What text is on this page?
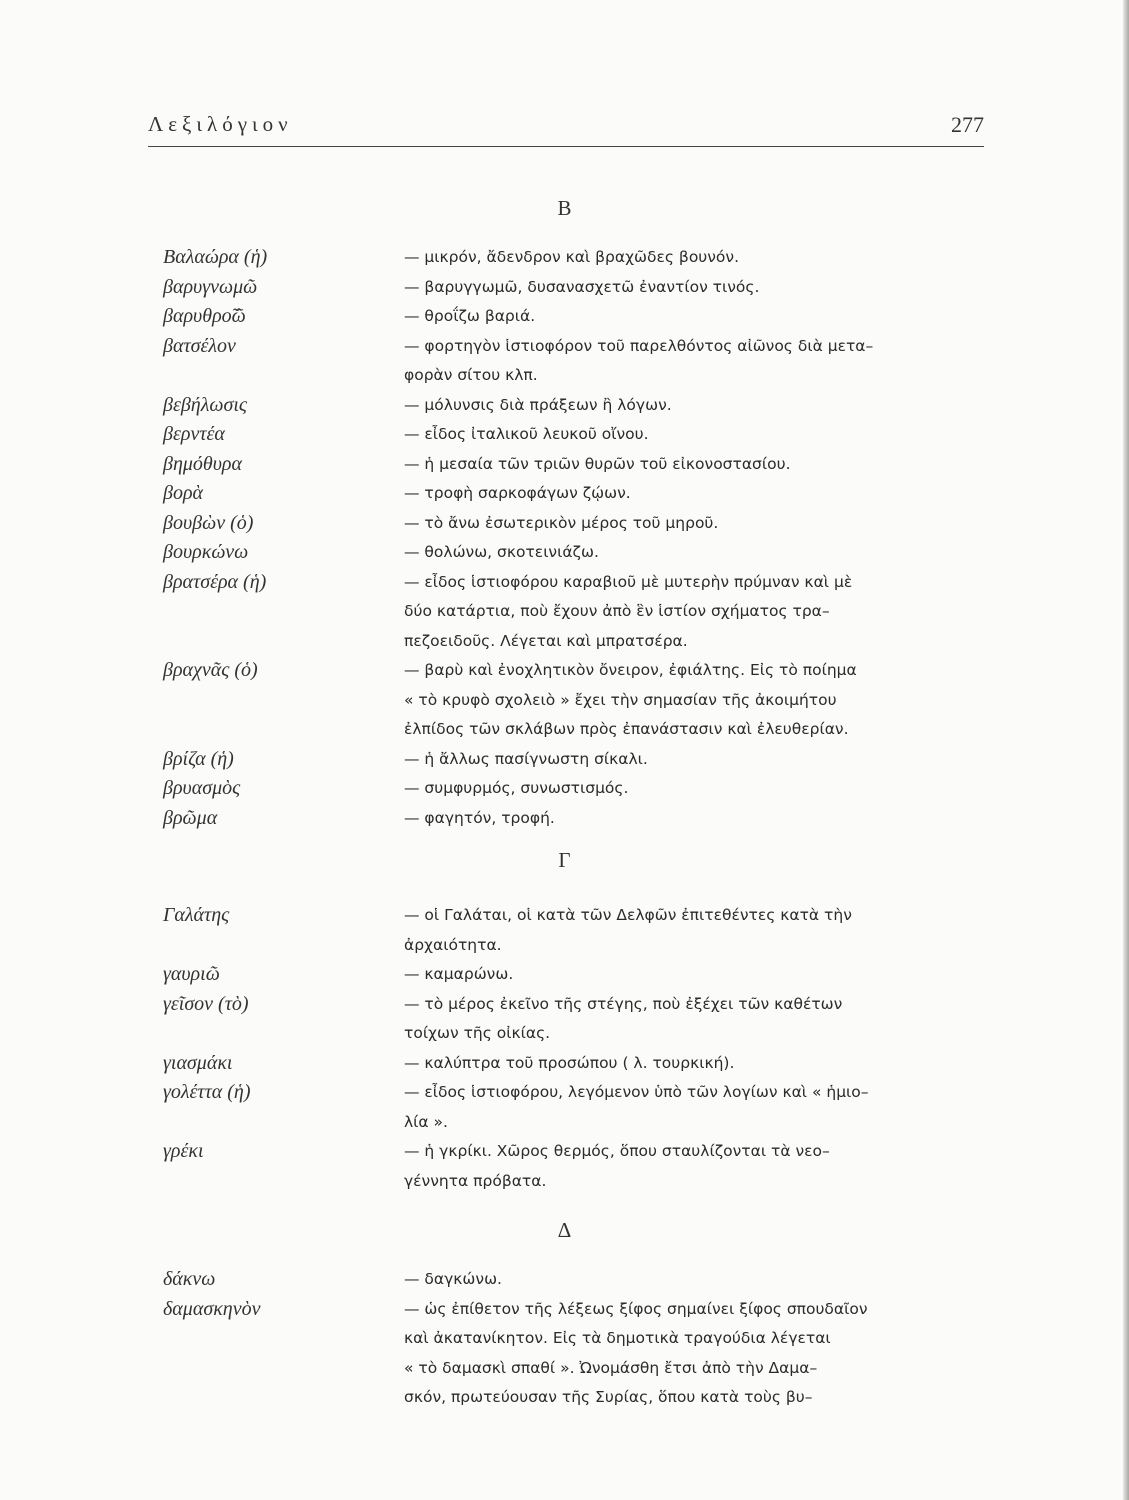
Λεξιλόγιον	277
Β
Βαλαώρα (ἡ)	— μικρόν, ἄδενδρον καὶ βραχῶδες βουνόν.
βαρυγνωμῶ	— βαρυγγωμῶ, δυσανασχετῶ ἐναντίον τινός.
βαρυθρο̃ῶ	— θροΐζω βαριά.
βατσέλον	— φορτηγὸν ἱστιοφόρον τοῦ παρελθόντος αἰῶνος διὰ μετα–
φορὰν σίτου κλπ.
βεβήλωσις	— μόλυνσις διὰ πράξεων ἢ λόγων.
βερντέα	— εἶδος ἰταλικοῦ λευκοῦ οἴνου.
βημόθυρα	— ἡ μεσαία τῶν τριῶν θυρῶν τοῦ εἰκονοστασίου.
βορὰ	— τροφὴ σαρκοφάγων ζῴων.
βουβὼν (ὁ)	— τὸ ἄνω ἐσωτερικὸν μέρος τοῦ μηροῦ.
βουρκώνω	— θολώνω, σκοτεινιάζω.
βρατσέρα (ἡ)	— εἶδος ἱστιοφόρου καραβιοῦ μὲ μυτερὴν πρύμναν καὶ μὲ
δύο κατάρτια, ποὺ ἔχουν ἀπὸ ἓν ἱστίον σχήματος τρα–
πεζοειδοῦς. Λέγεται καὶ μπρατσέρα.
βραχνᾶς (ὁ)	— βαρὺ καὶ ἐνοχλητικὸν ὄνειρον, ἐφιάλτης. Εἰς τὸ ποίημα
« τὸ κρυφὸ σχολειὸ » ἔχει τὴν σημασίαν τῆς ἀκοιμήτου
ἐλπίδος τῶν σκλάβων πρὸς ἐπανάστασιν καὶ ἐλευθερίαν.
βρίζα (ἡ)	— ἡ ἄλλως πασίγνωστη σίκαλι.
βρυασμὸς	— συμφυρμός, συνωστισμός.
βρῶμα	— φαγητόν, τροφή.
Γ
Γαλάτης	— οἱ Γαλάται, οἱ κατὰ τῶν Δελφῶν ἐπιτεθέντες κατὰ τὴν
ἀρχαιότητα.
γαυριῶ	— καμαρώνω.
γεῖσον (τὸ)	— τὸ μέρος ἐκεῖνο τῆς στέγης, ποὺ ἐξέχει τῶν καθέτων
τοίχων τῆς οἰκίας.
γιασμάκι	— καλύπτρα τοῦ προσώπου ( λ. τουρκική).
γολέττα (ἡ)	— εἶδος ἱστιοφόρου, λεγόμενον ὑπὸ τῶν λογίων καὶ « ἡμιο–
λία ».
γρέκι	— ἡ γκρίκι. Χῶρος θερμός, ὅπου σταυλίζονται τὰ νεο–
γέννητα πρόβατα.
Δ
δάκνω	— δαγκώνω.
δαμασκηνὸν	— ὡς ἐπίθετον τῆς λέξεως ξίφος σημαίνει ξίφος σπουδαῖον
καὶ ἀκατανίκητον. Εἰς τὰ δημοτικὰ τραγούδια λέγεται
« τὸ δαμασκὶ σπαθί ». Ὠνομάσθη ἔτσι ἀπὸ τὴν Δαμα–
σκόν, πρωτεύουσαν τῆς Συρίας, ὅπου κατὰ τοὺς βυ–
